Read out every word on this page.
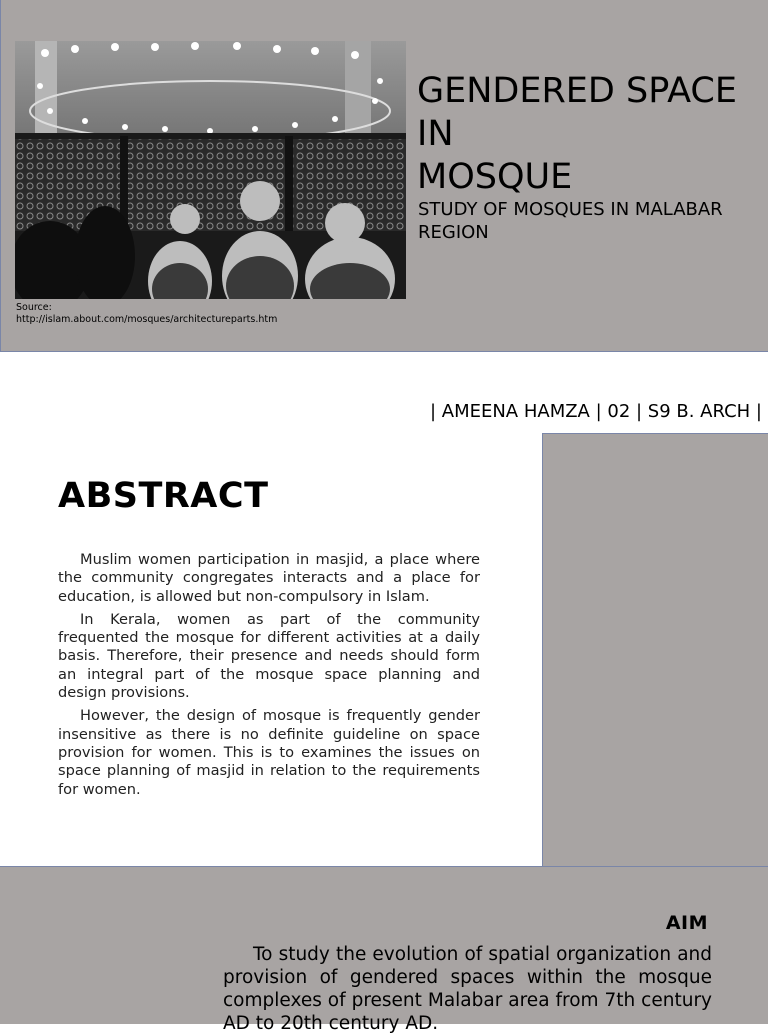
GENDERED SPACE
IN
MOSQUE
STUDY OF MOSQUES IN MALABAR REGION
Source:
http://islam.about.com/mosques/architectureparts.htm
| AMEENA HAMZA | 02 | S9 B. ARCH |
ABSTRACT

Muslim women participation in masjid, a place where the community congregates interacts and a place for education, is allowed but non-compulsory in Islam.

In Kerala, women as part of the community frequented the mosque for different activities at a daily basis. Therefore, their presence and needs should form an integral part of the mosque space planning and design provisions.

However, the design of mosque is frequently gender insensitive as there is no definite guideline on space provision for women. This is to examines the issues on space planning of masjid in relation to the requirements for women.

AIM
To study the evolution of spatial organization and provision of gendered spaces within the mosque complexes of present Malabar area from 7th century AD to 20th century AD.
